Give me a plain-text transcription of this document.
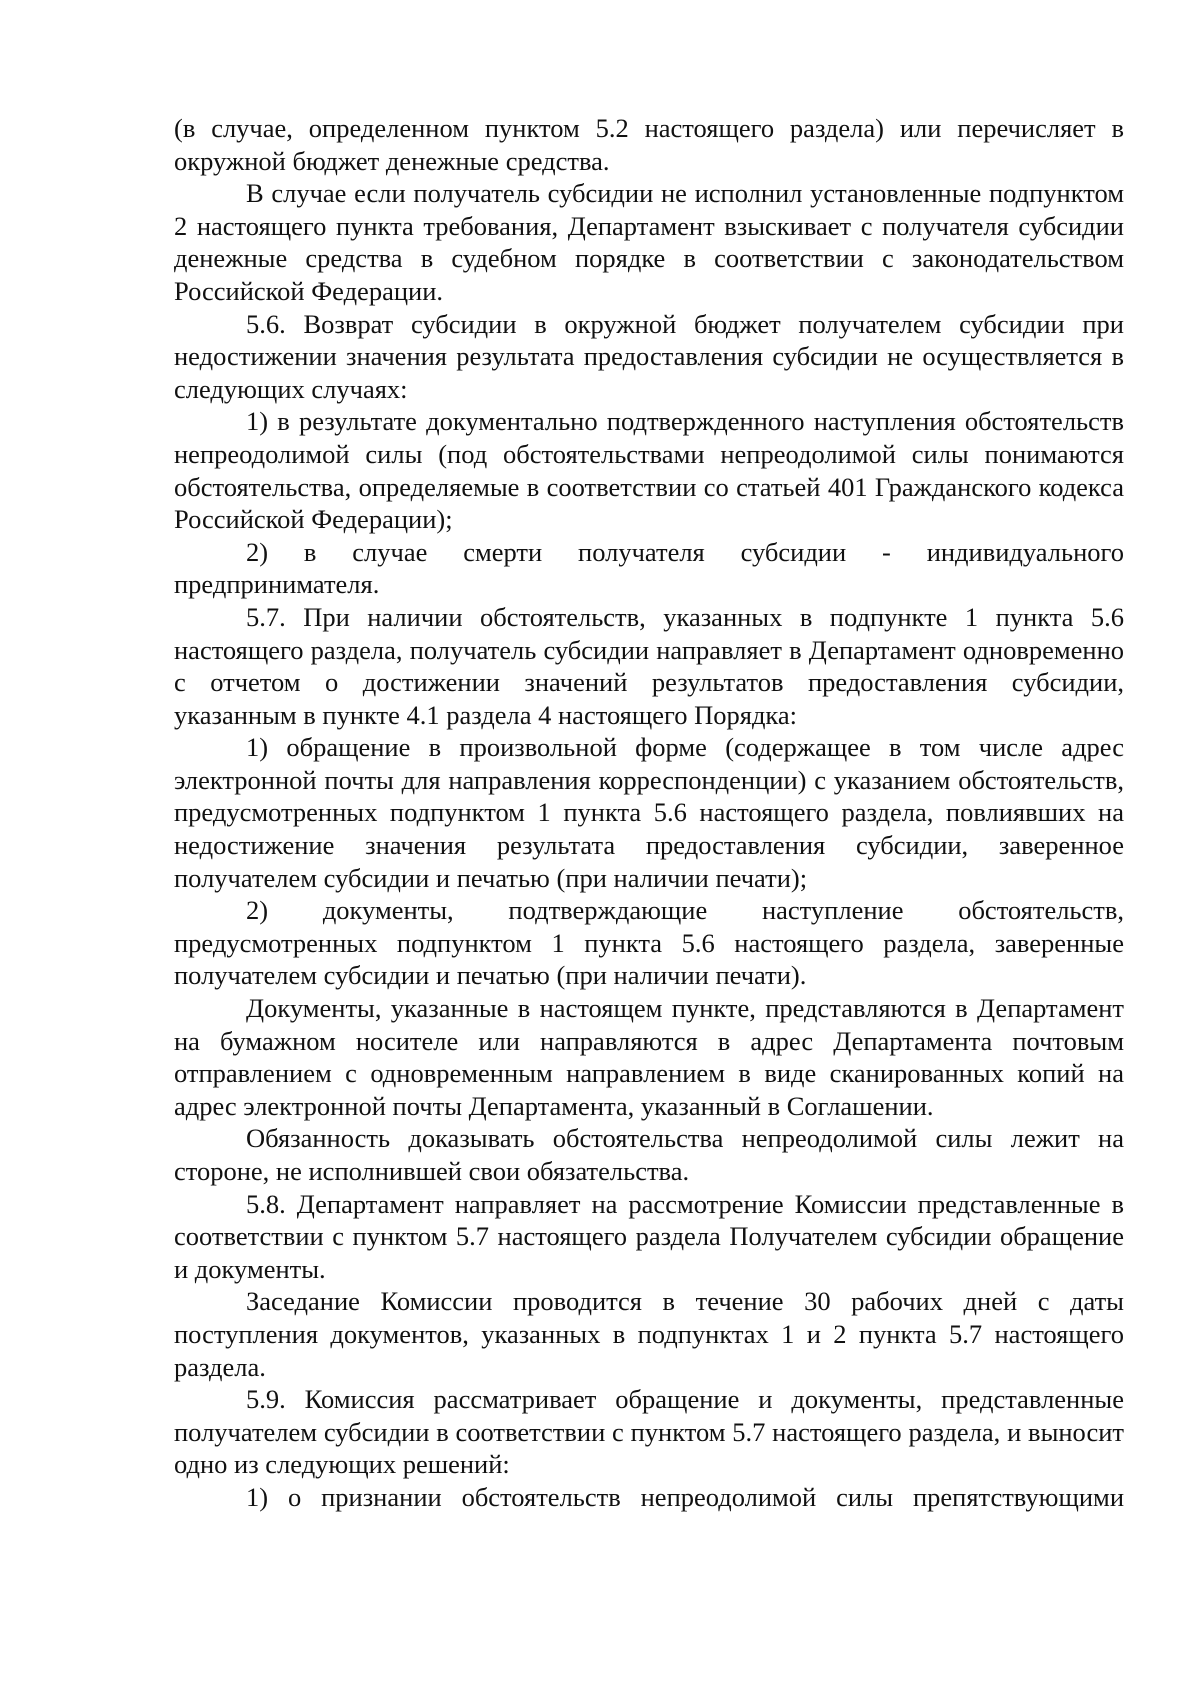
(в случае, определенном пунктом 5.2 настоящего раздела) или перечисляет в окружной бюджет денежные средства.

В случае если получатель субсидии не исполнил установленные подпунктом 2 настоящего пункта требования, Департамент взыскивает с получателя субсидии денежные средства в судебном порядке в соответствии с законодательством Российской Федерации.

5.6. Возврат субсидии в окружной бюджет получателем субсидии при недостижении значения результата предоставления субсидии не осуществляется в следующих случаях:

1) в результате документально подтвержденного наступления обстоятельств непреодолимой силы (под обстоятельствами непреодолимой силы понимаются обстоятельства, определяемые в соответствии со статьей 401 Гражданского кодекса Российской Федерации);

2) в случае смерти получателя субсидии - индивидуального предпринимателя.

5.7. При наличии обстоятельств, указанных в подпункте 1 пункта 5.6 настоящего раздела, получатель субсидии направляет в Департамент одновременно с отчетом о достижении значений результатов предоставления субсидии, указанным в пункте 4.1 раздела 4 настоящего Порядка:

1) обращение в произвольной форме (содержащее в том числе адрес электронной почты для направления корреспонденции) с указанием обстоятельств, предусмотренных подпунктом 1 пункта 5.6 настоящего раздела, повлиявших на недостижение значения результата предоставления субсидии, заверенное получателем субсидии и печатью (при наличии печати);

2) документы, подтверждающие наступление обстоятельств, предусмотренных подпунктом 1 пункта 5.6 настоящего раздела, заверенные получателем субсидии и печатью (при наличии печати).

Документы, указанные в настоящем пункте, представляются в Департамент на бумажном носителе или направляются в адрес Департамента почтовым отправлением с одновременным направлением в виде сканированных копий на адрес электронной почты Департамента, указанный в Соглашении.

Обязанность доказывать обстоятельства непреодолимой силы лежит на стороне, не исполнившей свои обязательства.

5.8. Департамент направляет на рассмотрение Комиссии представленные в соответствии с пунктом 5.7 настоящего раздела Получателем субсидии обращение и документы.

Заседание Комиссии проводится в течение 30 рабочих дней с даты поступления документов, указанных в подпунктах 1 и 2 пункта 5.7 настоящего раздела.

5.9. Комиссия рассматривает обращение и документы, представленные получателем субсидии в соответствии с пунктом 5.7 настоящего раздела, и выносит одно из следующих решений:

1) о признании обстоятельств непреодолимой силы препятствующими
